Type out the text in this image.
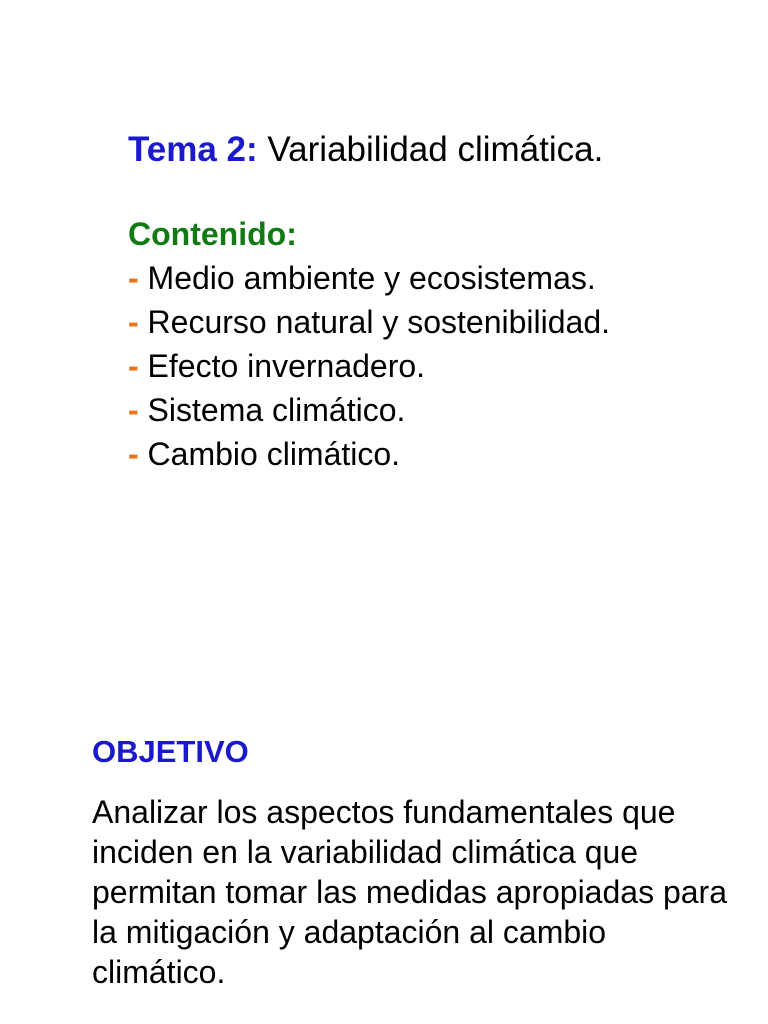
Tema 2: Variabilidad climática.

Contenido:

- Medio ambiente y ecosistemas.
- Recurso natural y sostenibilidad.
- Efecto invernadero.
- Sistema climático.
- Cambio climático.

OBJETIVO

Analizar los aspectos fundamentales que inciden en la variabilidad climática que permitan tomar las medidas apropiadas para la mitigación y adaptación al cambio climático.
